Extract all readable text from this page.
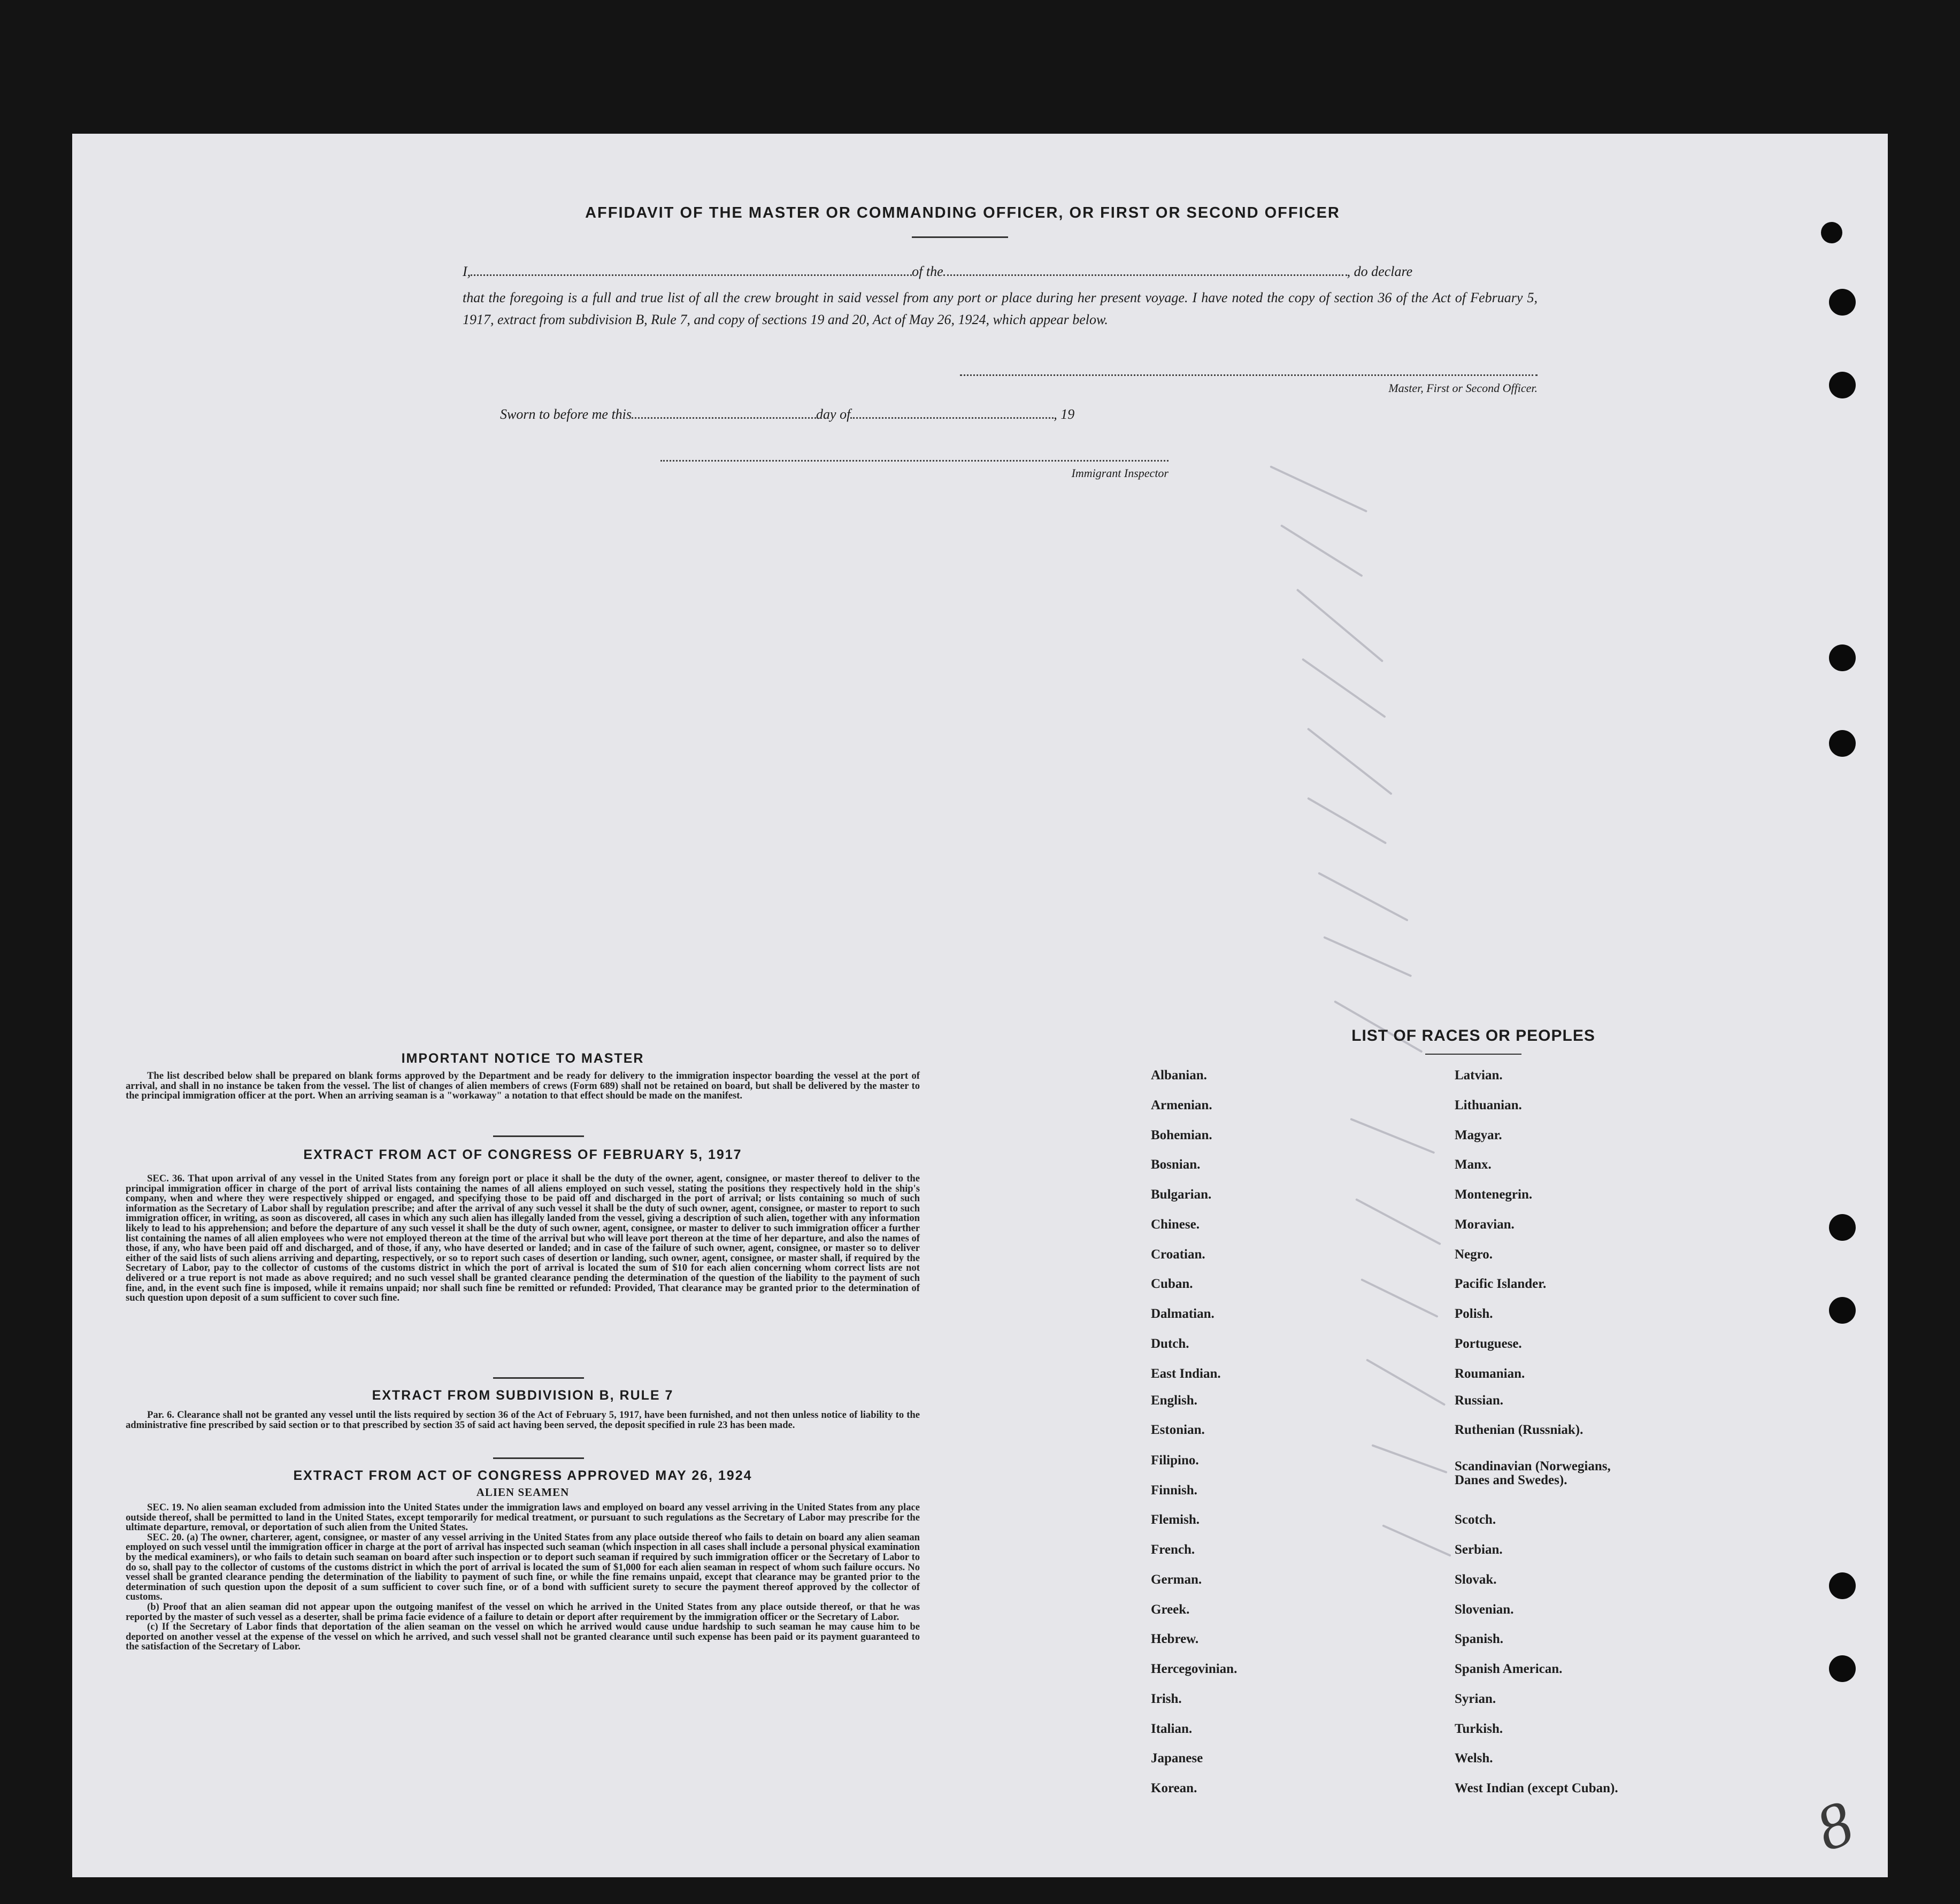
AFFIDAVIT OF THE MASTER OR COMMANDING OFFICER, OR FIRST OR SECOND OFFICER
I,	of the	, do declare
that the foregoing is a full and true list of all the crew brought in said vessel from any port or place during her present voyage. I have noted the copy of section 36 of the Act of February 5, 1917, extract from subdivision B, Rule 7, and copy of sections 19 and 20, Act of May 26, 1924, which appear below.
Master, First or Second Officer.
Sworn to before me this	day of	, 19
Immigrant Inspector
IMPORTANT NOTICE TO MASTER
The list described below shall be prepared on blank forms approved by the Department and be ready for delivery to the immigration inspector boarding the vessel at the port of arrival, and shall in no instance be taken from the vessel. The list of changes of alien members of crews (Form 689) shall not be retained on board, but shall be delivered by the master to the principal immigration officer at the port. When an arriving seaman is a "workaway" a notation to that effect should be made on the manifest.
EXTRACT FROM ACT OF CONGRESS OF FEBRUARY 5, 1917
SEC. 36. That upon arrival of any vessel in the United States from any foreign port or place it shall be the duty of the owner, agent, consignee, or master thereof to deliver to the principal immigration officer in charge of the port of arrival lists containing the names of all aliens employed on such vessel, stating the positions they respectively hold in the ship's company, when and where they were respectively shipped or engaged, and specifying those to be paid off and discharged in the port of arrival; or lists containing so much of such information as the Secretary of Labor shall by regulation prescribe; and after the arrival of any such vessel it shall be the duty of such owner, agent, consignee, or master to report to such immigration officer, in writing, as soon as discovered, all cases in which any such alien has illegally landed from the vessel, giving a description of such alien, together with any information likely to lead to his apprehension; and before the departure of any such vessel it shall be the duty of such owner, agent, consignee, or master to deliver to such immigration officer a further list containing the names of all alien employees who were not employed thereon at the time of the arrival but who will leave port thereon at the time of her departure, and also the names of those, if any, who have been paid off and discharged, and of those, if any, who have deserted or landed; and in case of the failure of such owner, agent, consignee, or master so to deliver either of the said lists of such aliens arriving and departing, respectively, or so to report such cases of desertion or landing, such owner, agent, consignee, or master shall, if required by the Secretary of Labor, pay to the collector of customs of the customs district in which the port of arrival is located the sum of $10 for each alien concerning whom correct lists are not delivered or a true report is not made as above required; and no such vessel shall be granted clearance pending the determination of the question of the liability to the payment of such fine, and, in the event such fine is imposed, while it remains unpaid; nor shall such fine be remitted or refunded: Provided, That clearance may be granted prior to the determination of such question upon deposit of a sum sufficient to cover such fine.
EXTRACT FROM SUBDIVISION B, RULE 7
Par. 6. Clearance shall not be granted any vessel until the lists required by section 36 of the Act of February 5, 1917, have been furnished, and not then unless notice of liability to the administrative fine prescribed by said section or to that prescribed by section 35 of said act having been served, the deposit specified in rule 23 has been made.
EXTRACT FROM ACT OF CONGRESS APPROVED MAY 26, 1924
ALIEN SEAMEN
SEC. 19. No alien seaman excluded from admission into the United States under the immigration laws and employed on board any vessel arriving in the United States from any place outside thereof, shall be permitted to land in the United States, except temporarily for medical treatment, or pursuant to such regulations as the Secretary of Labor may prescribe for the ultimate departure, removal, or deportation of such alien from the United States.
SEC. 20. (a) The owner, charterer, agent, consignee, or master of any vessel arriving in the United States from any place outside thereof who fails to detain on board any alien seaman employed on such vessel until the immigration officer in charge at the port of arrival has inspected such seaman (which inspection in all cases shall include a personal physical examination by the medical examiners), or who fails to detain such seaman on board after such inspection or to deport such seaman if required by such immigration officer or the Secretary of Labor to do so, shall pay to the collector of customs of the customs district in which the port of arrival is located the sum of $1,000 for each alien seaman in respect of whom such failure occurs. No vessel shall be granted clearance pending the determination of the liability to payment of such fine, or while the fine remains unpaid, except that clearance may be granted prior to the determination of such question upon the deposit of a sum sufficient to cover such fine, or of a bond with sufficient surety to secure the payment thereof approved by the collector of customs.
(b) Proof that an alien seaman did not appear upon the outgoing manifest of the vessel on which he arrived in the United States from any place outside thereof, or that he was reported by the master of such vessel as a deserter, shall be prima facie evidence of a failure to detain or deport after requirement by the immigration officer or the Secretary of Labor.
(c) If the Secretary of Labor finds that deportation of the alien seaman on the vessel on which he arrived would cause undue hardship to such seaman he may cause him to be deported on another vessel at the expense of the vessel on which he arrived, and such vessel shall not be granted clearance until such expense has been paid or its payment guaranteed to the satisfaction of the Secretary of Labor.
LIST OF RACES OR PEOPLES
Albanian.
Armenian.
Bohemian.
Bosnian.
Bulgarian.
Chinese.
Croatian.
Cuban.
Dalmatian.
Dutch.
East Indian.
English.
Estonian.
Filipino.
Finnish.
Flemish.
French.
German.
Greek.
Hebrew.
Hercegovinian.
Irish.
Italian.
Japanese
Korean.
Latvian.
Lithuanian.
Magyar.
Manx.
Montenegrin.
Moravian.
Negro.
Pacific Islander.
Polish.
Portuguese.
Roumanian.
Russian.
Ruthenian (Russniak).
Scandinavian (Norwegians,
Danes and Swedes).
Scotch.
Serbian.
Slovak.
Slovenian.
Spanish.
Spanish American.
Syrian.
Turkish.
Welsh.
West Indian (except Cuban).	8
